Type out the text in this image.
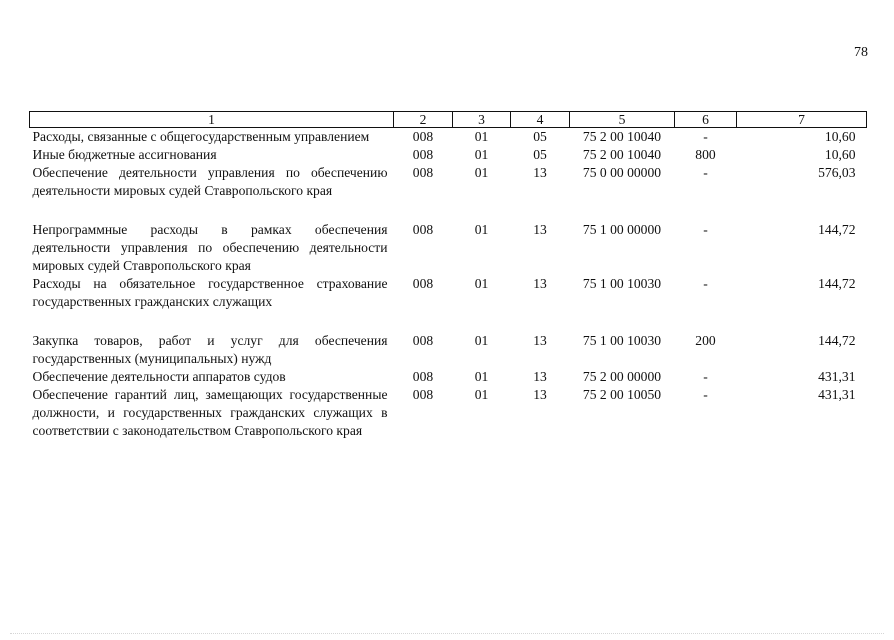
78
1	2	3	4	5	6	7
Расходы, связанные с общегосударственным управлением	008	01	05	75 2 00 10040	-	10,60
Иные бюджетные ассигнования	008	01	05	75 2 00 10040	800	10,60
Обеспечение деятельности управления по обеспечению деятельности мировых судей Ставропольского края	008	01	13	75 0 00 00000	-	576,03
Непрограммные расходы в рамках обеспечения деятельности управления по обеспечению деятельности мировых судей Ставропольского края	008	01	13	75 1 00 00000	-	144,72
Расходы на обязательное государственное страхование государственных гражданских служащих	008	01	13	75 1 00 10030	-	144,72
Закупка товаров, работ и услуг для обеспечения государственных (муниципальных) нужд	008	01	13	75 1 00 10030	200	144,72
Обеспечение деятельности аппаратов судов	008	01	13	75 2 00 00000	-	431,31
Обеспечение гарантий лиц, замещающих государственные должности, и государственных гражданских служащих в соответствии с законодательством Ставропольского края	008	01	13	75 2 00 10050	-	431,31
